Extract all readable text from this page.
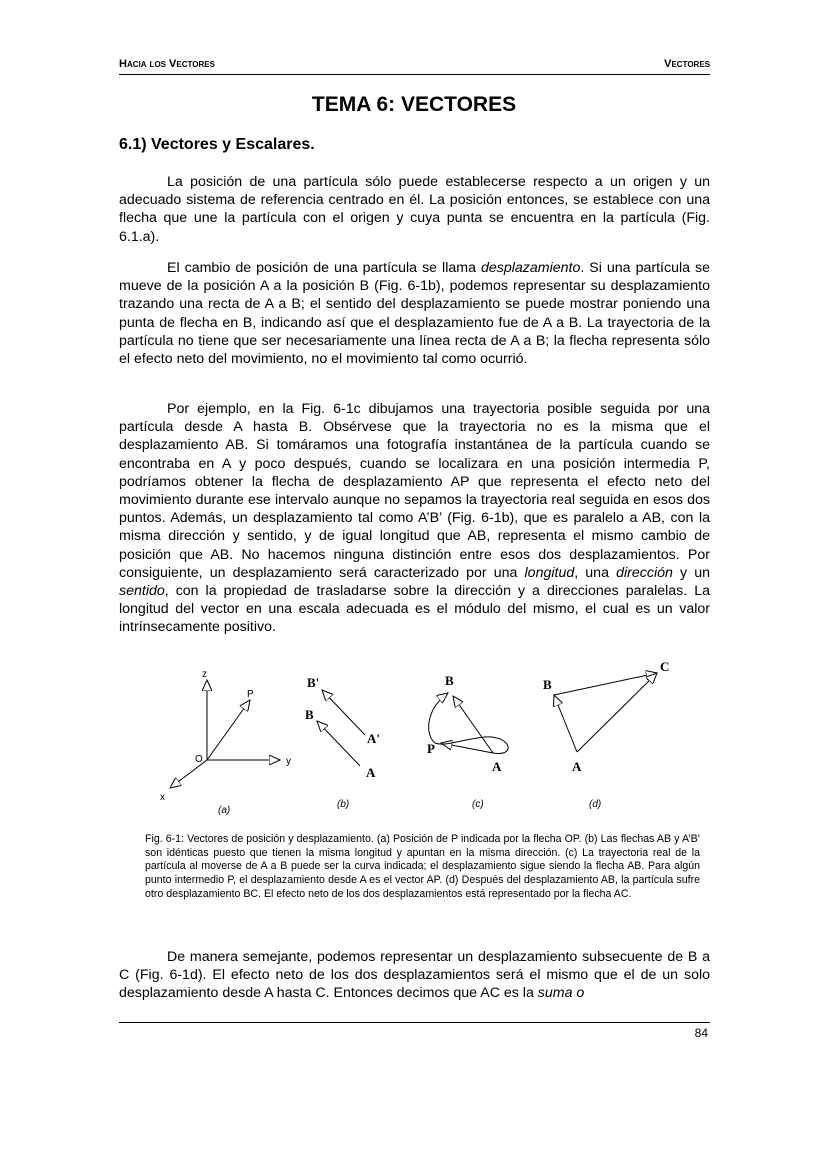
Hacia los Vectores	Vectores
TEMA 6: VECTORES
6.1) Vectores y Escalares.

La posición de una partícula sólo puede establecerse respecto a un origen y un adecuado sistema de referencia centrado en él. La posición entonces, se establece con una flecha que une la partícula con el origen y cuya punta se encuentra en la partícula (Fig. 6.1.a).

El cambio de posición de una partícula se llama desplazamiento. Si una partícula se mueve de la posición A a la posición B (Fig. 6-1b), podemos representar su desplazamiento trazando una recta de A a B; el sentido del desplazamiento se puede mostrar poniendo una punta de flecha en B, indicando así que el desplazamiento fue de A a B. La trayectoria de la partícula no tiene que ser necesariamente una línea recta de A a B; la flecha representa sólo el efecto neto del movimiento, no el movimiento tal como ocurrió.

Por ejemplo, en la Fig. 6-1c dibujamos una trayectoria posible seguida por una partícula desde A hasta B. Obsérvese que la trayectoria no es la misma que el desplazamiento AB. Si tomáramos una fotografía instantánea de la partícula cuando se encontraba en A y poco después, cuando se localizara en una posición intermedia P, podríamos obtener la flecha de desplazamiento AP que representa el efecto neto del movimiento durante ese intervalo aunque no sepamos la trayectoria real seguida en esos dos puntos. Además, un desplazamiento tal como A’B’ (Fig. 6-1b), que es paralelo a AB, con la misma dirección y sentido, y de igual longitud que AB, representa el mismo cambio de posición que AB. No hacemos ninguna distinción entre esos dos desplazamientos. Por consiguiente, un desplazamiento será caracterizado por una longitud, una dirección y un sentido, con la propiedad de trasladarse sobre la dirección y a direcciones paralelas. La longitud del vector en una escala adecuada es el módulo del mismo, el cual es un valor intrínsecamente positivo.

z
P
O	y
x
(a)
B'
B
A'
A
(b)
B
P
A
(c)
B
C
A
(d)

Fig. 6-1: Vectores de posición y desplazamiento. (a) Posición de P indicada por la flecha OP. (b) Las flechas AB y A’B’ son idénticas puesto que tienen la misma longitud y apuntan en la misma dirección. (c) La trayectoria real de la partícula al moverse de A a B puede ser la curva indicada; el desplazamiento sigue siendo la flecha AB. Para algún punto intermedio P, el desplazamiento desde A es el vector AP. (d) Después del desplazamiento AB, la partícula sufre otro desplazamiento BC. El efecto neto de los dos desplazamientos está representado por la flecha AC.

De manera semejante, podemos representar un desplazamiento subsecuente de B a C (Fig. 6-1d). El efecto neto de los dos desplazamientos será el mismo que el de un solo desplazamiento desde A hasta C. Entonces decimos que AC es la suma o

84
